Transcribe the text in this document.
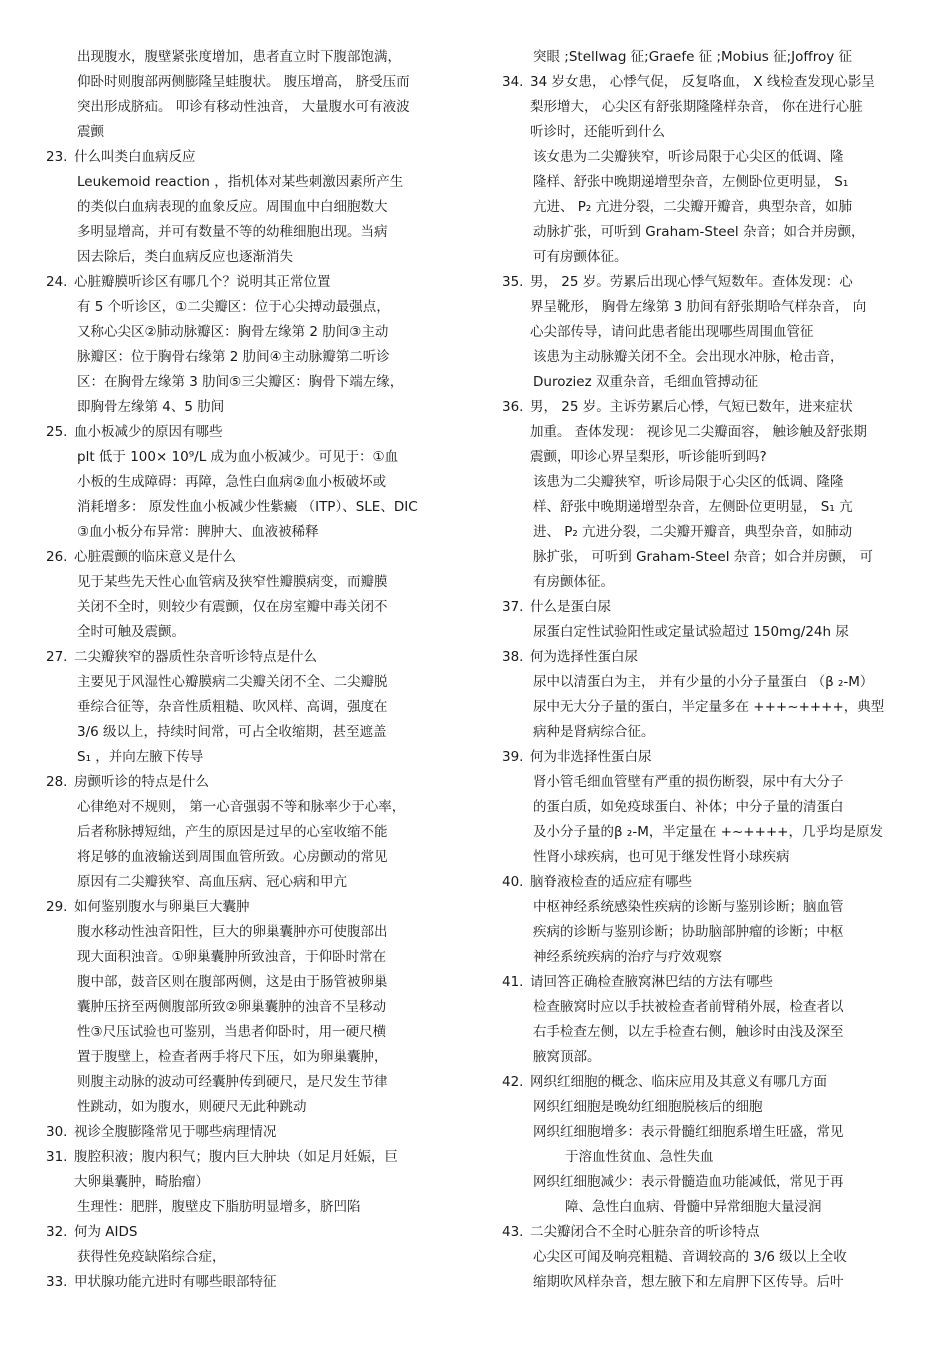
出现腹水，腹壁紧张度增加，患者直立时下腹部饱满，
仰卧时则腹部两侧膨隆呈蛙腹状。 腹压增高， 脐受压而
突出形成脐疝。 叩诊有移动性浊音， 大量腹水可有液波
震颤
23. 什么叫类白血病反应
Leukemoid reaction ，指机体对某些刺激因素所产生
的类似白血病表现的血象反应。周围血中白细胞数大
多明显增高，并可有数量不等的幼稚细胞出现。当病
因去除后，类白血病反应也逐渐消失
24. 心脏瓣膜听诊区有哪几个？说明其正常位置
有 5 个听诊区，①二尖瓣区：位于心尖搏动最强点，
又称心尖区②肺动脉瓣区：胸骨左缘第 2 肋间③主动
脉瓣区：位于胸骨右缘第 2 肋间④主动脉瓣第二听诊
区：在胸骨左缘第 3 肋间⑤三尖瓣区：胸骨下端左缘，
即胸骨左缘第 4、5 肋间
25. 血小板减少的原因有哪些
plt 低于 100× 10⁹/L 成为血小板减少。可见于：①血
小板的生成障碍：再障，急性白血病②血小板破坏或
消耗增多： 原发性血小板减少性紫癜 （ITP）、SLE、DIC
③血小板分布异常：脾肿大、血液被稀释
26. 心脏震颤的临床意义是什么
见于某些先天性心血管病及狭窄性瓣膜病变，而瓣膜
关闭不全时，则较少有震颤，仅在房室瓣中毒关闭不
全时可触及震颤。
27. 二尖瓣狭窄的器质性杂音听诊特点是什么
主要见于风湿性心瓣膜病二尖瓣关闭不全、二尖瓣脱
垂综合征等，杂音性质粗糙、吹风样、高调，强度在
3/6 级以上，持续时间常，可占全收缩期，甚至遮盖
S₁ ，并向左腋下传导
28. 房颤听诊的特点是什么
心律绝对不规则， 第一心音强弱不等和脉率少于心率，
后者称脉搏短绌，产生的原因是过早的心室收缩不能
将足够的血液输送到周围血管所致。心房颤动的常见
原因有二尖瓣狭窄、高血压病、冠心病和甲亢
29. 如何鉴别腹水与卵巢巨大囊肿
腹水移动性浊音阳性，巨大的卵巢囊肿亦可使腹部出
现大面积浊音。①卵巢囊肿所致浊音，于仰卧时常在
腹中部，鼓音区则在腹部两侧，这是由于肠管被卵巢
囊肿压挤至两侧腹部所致②卵巢囊肿的浊音不呈移动
性③尺压试验也可鉴别，当患者仰卧时，用一硬尺横
置于腹壁上，检查者两手将尺下压，如为卵巢囊肿，
则腹主动脉的波动可经囊肿传到硬尺，是尺发生节律
性跳动，如为腹水，则硬尺无此种跳动
30. 视诊全腹膨隆常见于哪些病理情况
31. 腹腔积液；腹内积气；腹内巨大肿块（如足月妊娠，巨
大卵巢囊肿，畸胎瘤）
生理性：肥胖，腹壁皮下脂肪明显增多，脐凹陷
32. 何为 AIDS
获得性免疫缺陷综合症，
33. 甲状腺功能亢进时有哪些眼部特征
突眼 ;Stellwag 征;Graefe 征 ;Mobius 征;Joffroy 征
34. 34 岁女患， 心悸气促， 反复咯血， X 线检查发现心影呈
梨形增大， 心尖区有舒张期隆隆样杂音， 你在进行心脏
听诊时，还能听到什么
该女患为二尖瓣狭窄，听诊局限于心尖区的低调、隆
隆样、舒张中晚期递增型杂音，左侧卧位更明显， S₁
亢进、 P₂ 亢进分裂，二尖瓣开瓣音，典型杂音，如肺
动脉扩张，可听到 Graham-Steel 杂音；如合并房颤，
可有房颤体征。
35. 男， 25 岁。劳累后出现心悸气短数年。查体发现：心
界呈靴形， 胸骨左缘第 3 肋间有舒张期哈气样杂音， 向
心尖部传导，请问此患者能出现哪些周围血管征
该患为主动脉瓣关闭不全。会出现水冲脉，枪击音，
Duroziez 双重杂音，毛细血管搏动征
36. 男， 25 岁。主诉劳累后心悸，气短已数年，进来症状
加重。 查体发现： 视诊见二尖瓣面容， 触诊触及舒张期
震颤，叩诊心界呈梨形，听诊能听到吗?
该患为二尖瓣狭窄，听诊局限于心尖区的低调、隆隆
样、舒张中晚期递增型杂音，左侧卧位更明显， S₁ 亢
进、 P₂ 亢进分裂，二尖瓣开瓣音，典型杂音，如肺动
脉扩张， 可听到 Graham-Steel 杂音；如合并房颤， 可
有房颤体征。
37. 什么是蛋白尿
尿蛋白定性试验阳性或定量试验超过 150mg/24h 尿
38. 何为选择性蛋白尿
尿中以清蛋白为主， 并有少量的小分子量蛋白 （β ₂-M）
尿中无大分子量的蛋白，半定量多在 +++~++++，典型
病种是肾病综合征。
39. 何为非选择性蛋白尿
肾小管毛细血管壁有严重的损伤断裂，尿中有大分子
的蛋白质，如免疫球蛋白、补体；中分子量的清蛋白
及小分子量的β ₂-M，半定量在 +~++++，几乎均是原发
性肾小球疾病，也可见于继发性肾小球疾病
40. 脑脊液检查的适应症有哪些
中枢神经系统感染性疾病的诊断与鉴别诊断；脑血管
疾病的诊断与鉴别诊断；协助脑部肿瘤的诊断；中枢
神经系统疾病的治疗与疗效观察
41. 请回答正确检查腋窝淋巴结的方法有哪些
检查腋窝时应以手扶被检查者前臂稍外展，检查者以
右手检查左侧，以左手检查右侧，触诊时由浅及深至
腋窝顶部。
42. 网织红细胞的概念、临床应用及其意义有哪几方面
网织红细胞是晚幼红细胞脱核后的细胞
网织红细胞增多：表示骨髓红细胞系增生旺盛，常见
于溶血性贫血、急性失血
网织红细胞减少：表示骨髓造血功能减低，常见于再
障、急性白血病、骨髓中异常细胞大量浸润
43. 二尖瓣闭合不全时心脏杂音的听诊特点
心尖区可闻及响亮粗糙、音调较高的 3/6 级以上全收
缩期吹风样杂音，想左腋下和左肩胛下区传导。后叶
